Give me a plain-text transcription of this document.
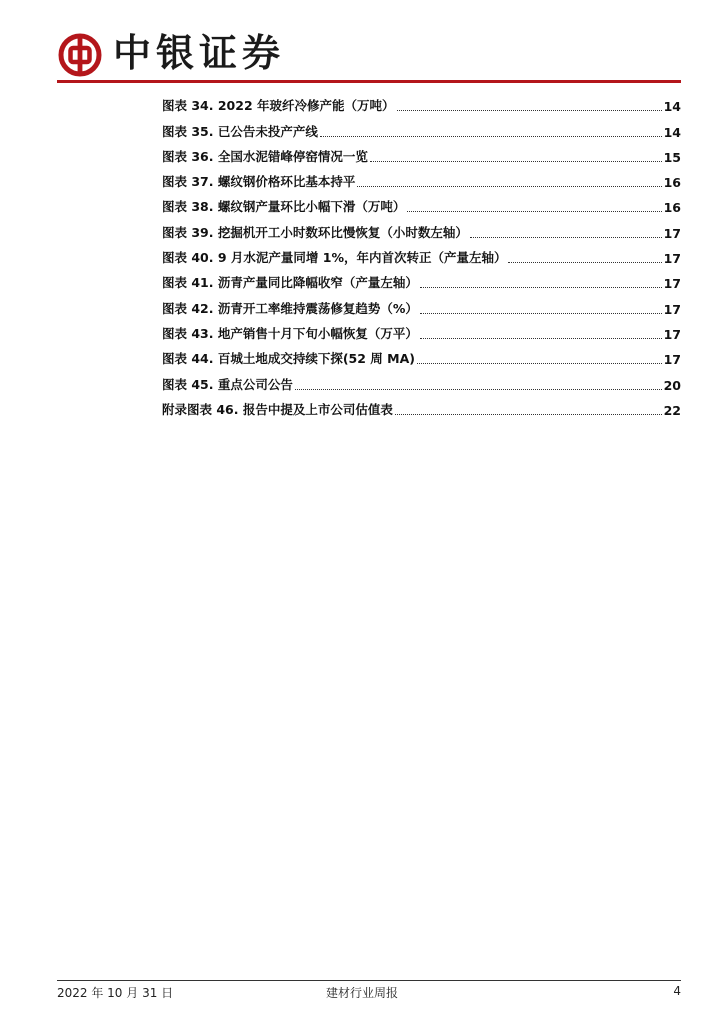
中银证券
图表 34. 2022 年玻纤冷修产能（万吨）	14
图表 35. 已公告未投产产线	14
图表 36. 全国水泥错峰停窑情况一览	15
图表 37. 螺纹钢价格环比基本持平	16
图表 38. 螺纹钢产量环比小幅下滑（万吨）	16
图表 39. 挖掘机开工小时数环比慢恢复（小时数左轴）	17
图表 40. 9 月水泥产量同增 1%，年内首次转正（产量左轴）	17
图表 41. 沥青产量同比降幅收窄（产量左轴）	17
图表 42. 沥青开工率维持震荡修复趋势（%）	17
图表 43. 地产销售十月下旬小幅恢复（万平）	17
图表 44. 百城土地成交持续下探(52 周 MA)	17
图表 45. 重点公司公告	20
附录图表 46. 报告中提及上市公司估值表	22
2022 年 10 月 31 日	建材行业周报	4
